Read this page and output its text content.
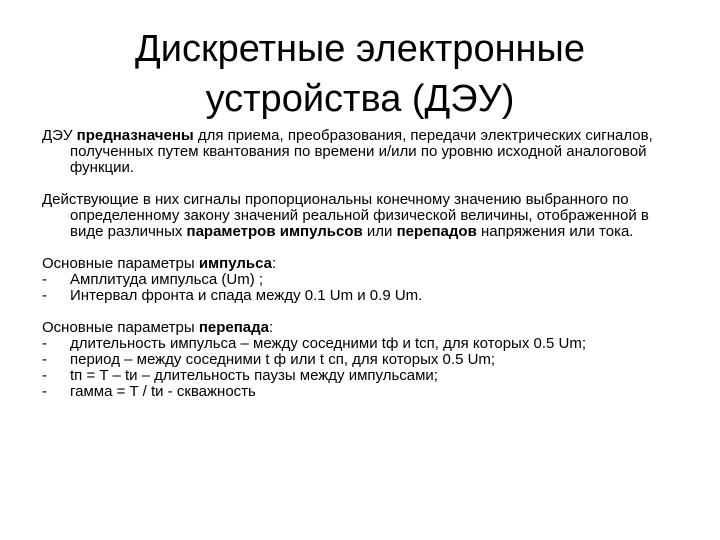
Дискретные электронные
устройства (ДЭУ)

ДЭУ предназначены для приема, преобразования, передачи электрических сигналов, полученных путем квантования по времени и/или по уровню исходной аналоговой функции.

Действующие в них сигналы пропорциональны конечному значению выбранного по определенному закону значений реальной физической величины, отображенной в виде различных параметров импульсов или перепадов напряжения или тока.

Основные параметры импульса:

-	Амплитуда импульса (Um) ;
-	Интервал фронта и спада между 0.1 Um и 0.9 Um.

Основные параметры перепада:

-	длительность импульса – между соседними tф и tсп, для которых 0.5 Um;
-	период – между соседними t ф или t сп, для которых 0.5 Um;
-	tп = T – tи – длительность паузы между импульсами;
-	гамма = T / tи - скважность
